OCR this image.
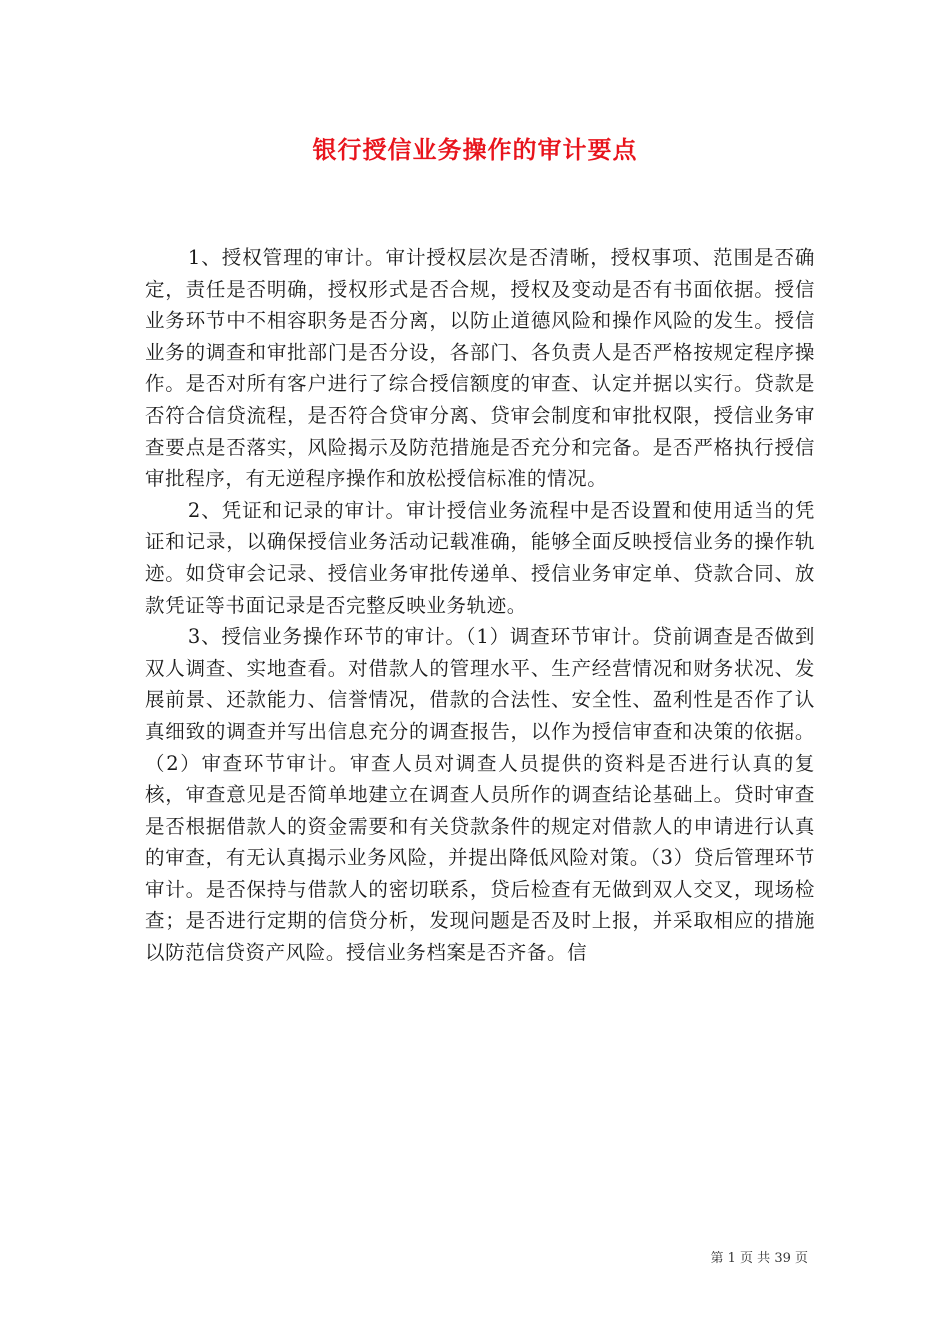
银行授信业务操作的审计要点

1、授权管理的审计。审计授权层次是否清晰，授权事项、范围是否确定，责任是否明确，授权形式是否合规，授权及变动是否有书面依据。授信业务环节中不相容职务是否分离，以防止道德风险和操作风险的发生。授信业务的调查和审批部门是否分设，各部门、各负责人是否严格按规定程序操作。是否对所有客户进行了综合授信额度的审查、认定并据以实行。贷款是否符合信贷流程，是否符合贷审分离、贷审会制度和审批权限，授信业务审查要点是否落实，风险揭示及防范措施是否充分和完备。是否严格执行授信审批程序，有无逆程序操作和放松授信标准的情况。

2、凭证和记录的审计。审计授信业务流程中是否设置和使用适当的凭证和记录，以确保授信业务活动记载准确，能够全面反映授信业务的操作轨迹。如贷审会记录、授信业务审批传递单、授信业务审定单、贷款合同、放款凭证等书面记录是否完整反映业务轨迹。

3、授信业务操作环节的审计。（1）调查环节审计。贷前调查是否做到双人调查、实地查看。对借款人的管理水平、生产经营情况和财务状况、发展前景、还款能力、信誉情况，借款的合法性、安全性、盈利性是否作了认真细致的调查并写出信息充分的调查报告，以作为授信审查和决策的依据。（2）审查环节审计。审查人员对调查人员提供的资料是否进行认真的复核，审查意见是否简单地建立在调查人员所作的调查结论基础上。贷时审查是否根据借款人的资金需要和有关贷款条件的规定对借款人的申请进行认真的审查，有无认真揭示业务风险，并提出降低风险对策。（3）贷后管理环节审计。是否保持与借款人的密切联系，贷后检查有无做到双人交叉，现场检查；是否进行定期的信贷分析，发现问题是否及时上报，并采取相应的措施以防范信贷资产风险。授信业务档案是否齐备。信

第 1 页 共 39 页
